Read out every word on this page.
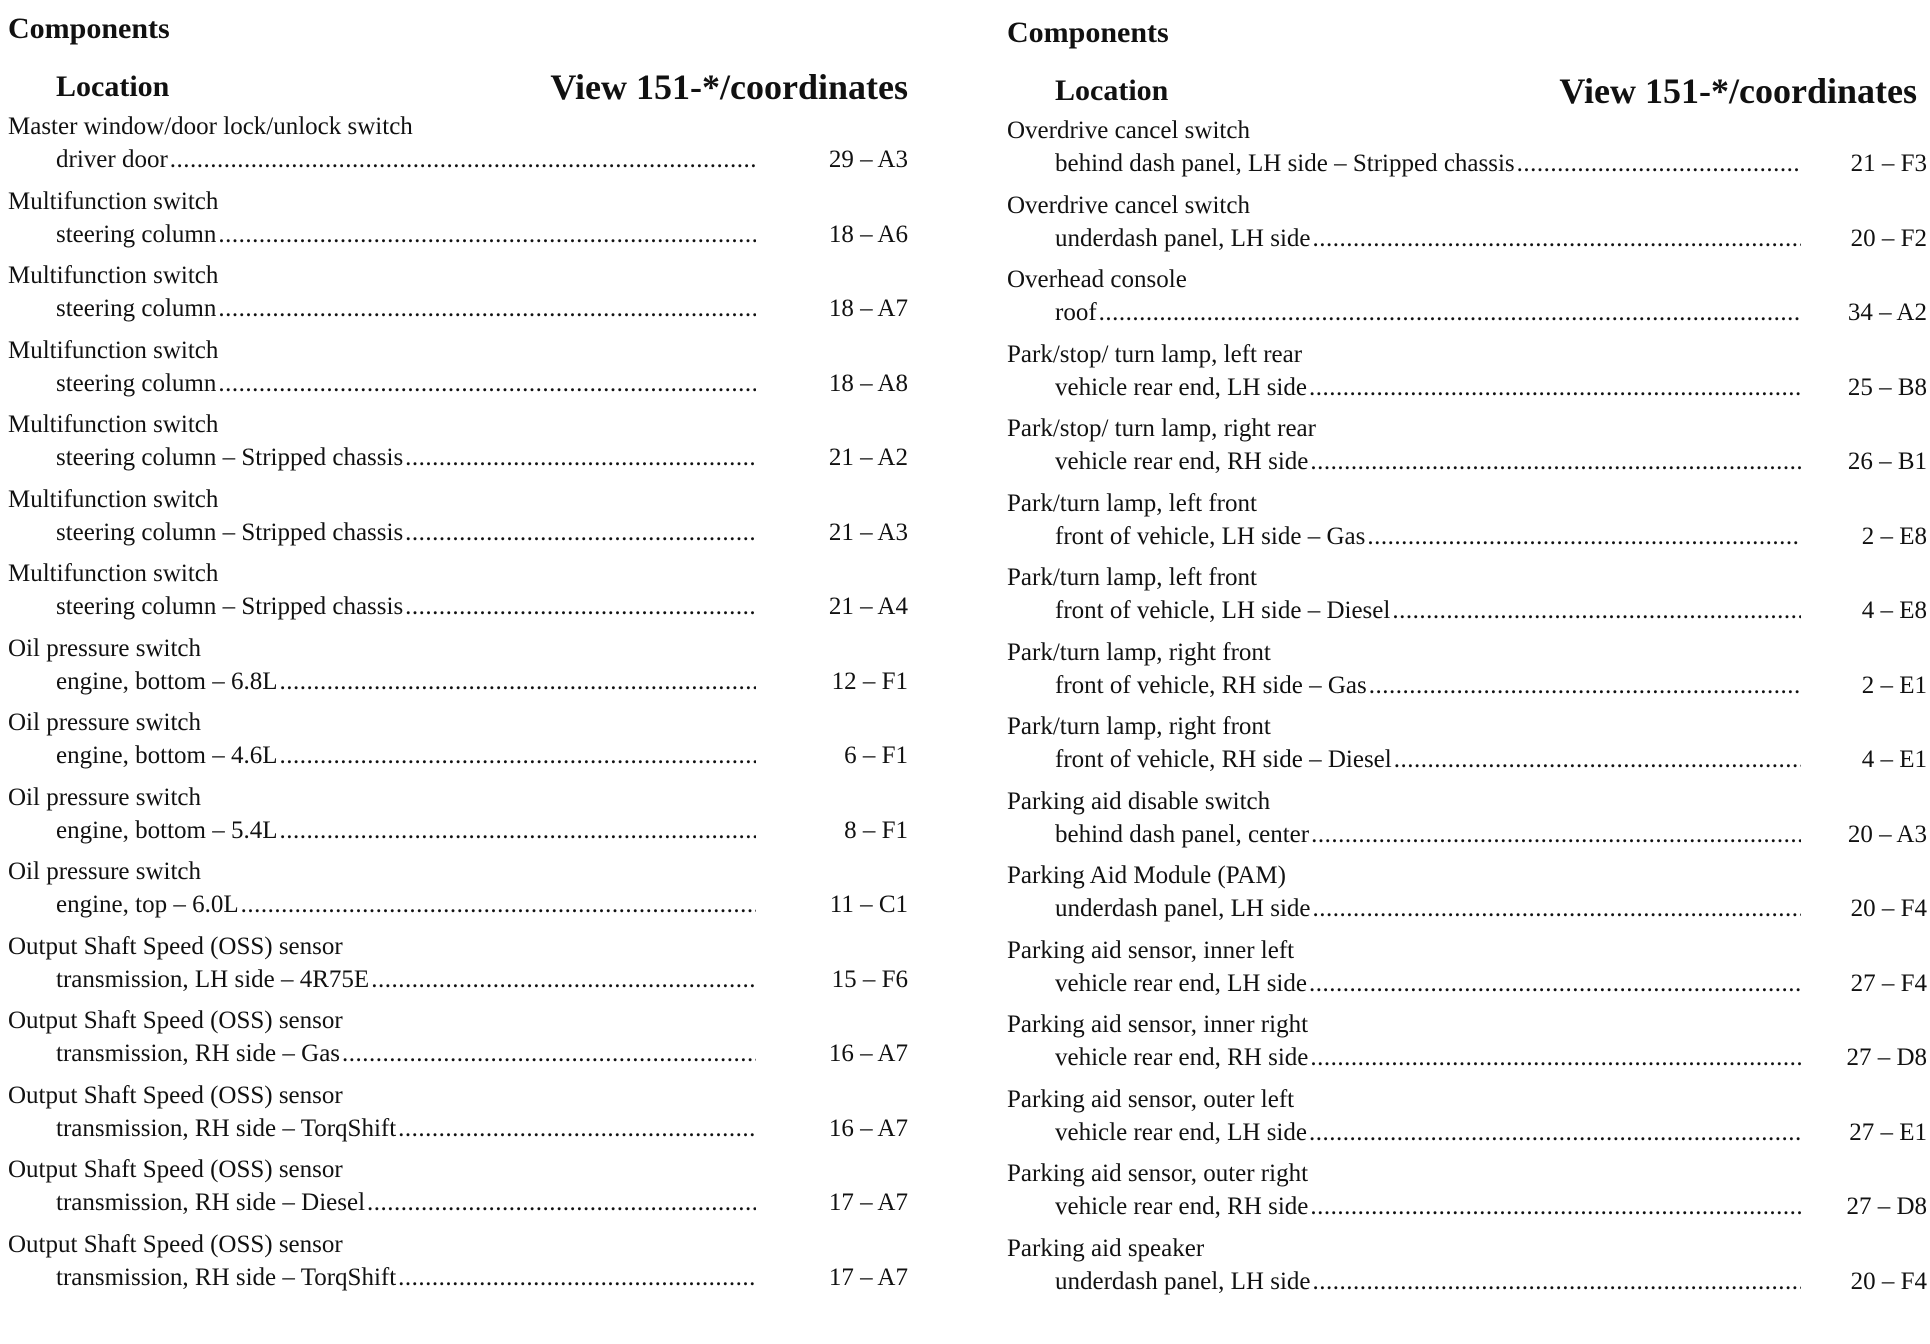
Components
Location	View 151-*/coordinates
Master window/door lock/unlock switch
driver door
.....	29 – A3
Multifunction switch
steering column
.....	18 – A6
Multifunction switch
steering column
.....	18 – A7
Multifunction switch
steering column
.....	18 – A8
Multifunction switch
steering column – Stripped chassis
.....	21 – A2
Multifunction switch
steering column – Stripped chassis
.....	21 – A3
Multifunction switch
steering column – Stripped chassis
.....	21 – A4
Oil pressure switch
engine, bottom – 6.8L
.....	12 – F1
Oil pressure switch
engine, bottom – 4.6L
.....	6 – F1
Oil pressure switch
engine, bottom – 5.4L
.....	8 – F1
Oil pressure switch
engine, top – 6.0L
.....	11 – C1
Output Shaft Speed (OSS) sensor
transmission, LH side – 4R75E
.....	15 – F6
Output Shaft Speed (OSS) sensor
transmission, RH side – Gas
.....	16 – A7
Output Shaft Speed (OSS) sensor
transmission, RH side – TorqShift
.....	16 – A7
Output Shaft Speed (OSS) sensor
transmission, RH side – Diesel
.....	17 – A7
Output Shaft Speed (OSS) sensor
transmission, RH side – TorqShift
.....	17 – A7
Components
Location	View 151-*/coordinates
Overdrive cancel switch
behind dash panel, LH side – Stripped chassis
.....	21 – F3
Overdrive cancel switch
underdash panel, LH side
.....	20 – F2
Overhead console
roof
.....	34 – A2
Park/stop/ turn lamp, left rear
vehicle rear end, LH side
.....	25 – B8
Park/stop/ turn lamp, right rear
vehicle rear end, RH side
.....	26 – B1
Park/turn lamp, left front
front of vehicle, LH side – Gas
.....	2 – E8
Park/turn lamp, left front
front of vehicle, LH side – Diesel
.....	4 – E8
Park/turn lamp, right front
front of vehicle, RH side – Gas
.....	2 – E1
Park/turn lamp, right front
front of vehicle, RH side – Diesel
.....	4 – E1
Parking aid disable switch
behind dash panel, center
.....	20 – A3
Parking Aid Module (PAM)
underdash panel, LH side
.....	20 – F4
Parking aid sensor, inner left
vehicle rear end, LH side
.....	27 – F4
Parking aid sensor, inner right
vehicle rear end, RH side
.....	27 – D8
Parking aid sensor, outer left
vehicle rear end, LH side
.....	27 – E1
Parking aid sensor, outer right
vehicle rear end, RH side
.....	27 – D8
Parking aid speaker
underdash panel, LH side
.....	20 – F4
